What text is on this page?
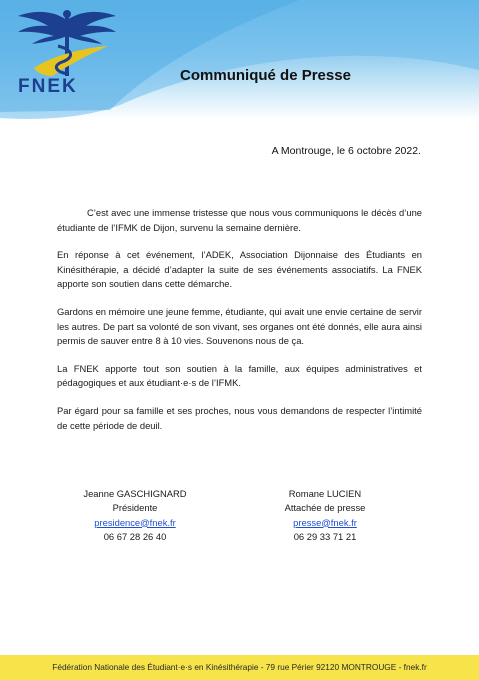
FNEK
Communiqué de Presse
A Montrouge, le 6 octobre 2022.

C’est avec une immense tristesse que nous vous communiquons le décès d’une étudiante de l’IFMK de Dijon, survenu la semaine dernière.

En réponse à cet événement, l’ADEK, Association Dijonnaise des Étudiants en Kinésithérapie, a décidé d’adapter la suite de ses événements associatifs. La FNEK apporte son soutien dans cette démarche.

Gardons en mémoire une jeune femme, étudiante, qui avait une envie certaine de servir les autres. De part sa volonté de son vivant, ses organes ont été donnés, elle aura ainsi permis de sauver entre 8 à 10 vies. Souvenons nous de ça.

La FNEK apporte tout son soutien à la famille, aux équipes administratives et pédagogiques et aux étudiant·e·s de l’IFMK.

Par égard pour sa famille et ses proches, nous vous demandons de respecter l’intimité de cette période de deuil.

Jeanne GASCHIGNARD
Présidente
presidence@fnek.fr
06 67 28 26 40
Romane LUCIEN
Attachée de presse
presse@fnek.fr
06 29 33 71 21
Fédération Nationale des Étudiant·e·s en Kinésithérapie - 79 rue Périer 92120 MONTROUGE - fnek.fr
